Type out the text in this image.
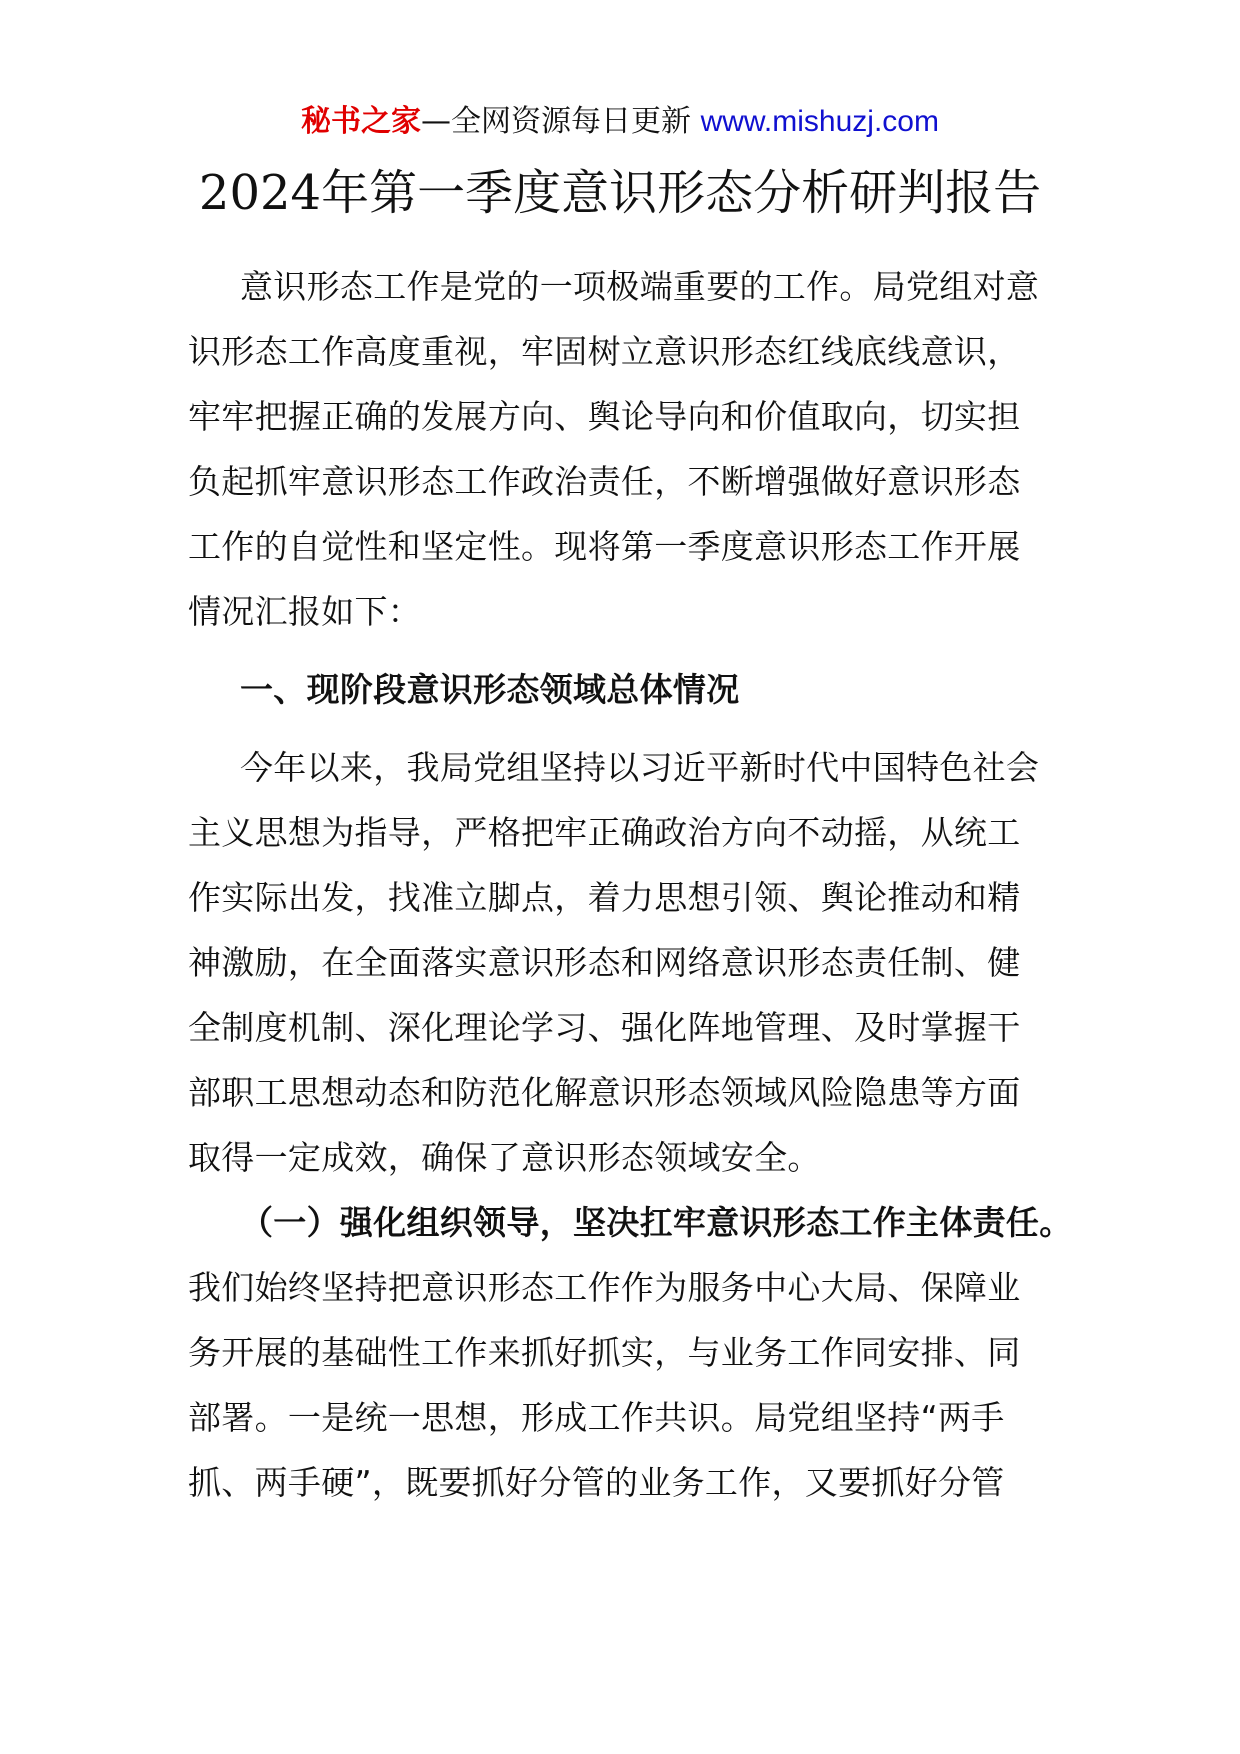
秘书之家—全网资源每日更新 www.mishuzj.com
2024年第一季度意识形态分析研判报告
意识形态工作是党的一项极端重要的工作。局党组对意
识形态工作高度重视，牢固树立意识形态红线底线意识，
牢牢把握正确的发展方向、舆论导向和价值取向，切实担
负起抓牢意识形态工作政治责任，不断增强做好意识形态
工作的自觉性和坚定性。现将第一季度意识形态工作开展
情况汇报如下：
一、现阶段意识形态领域总体情况
今年以来，我局党组坚持以习近平新时代中国特色社会
主义思想为指导，严格把牢正确政治方向不动摇，从统工
作实际出发，找准立脚点，着力思想引领、舆论推动和精
神激励，在全面落实意识形态和网络意识形态责任制、健
全制度机制、深化理论学习、强化阵地管理、及时掌握干
部职工思想动态和防范化解意识形态领域风险隐患等方面
取得一定成效，确保了意识形态领域安全。
（一）强化组织领导，坚决扛牢意识形态工作主体责任。
我们始终坚持把意识形态工作作为服务中心大局、保障业
务开展的基础性工作来抓好抓实，与业务工作同安排、同
部署。一是统一思想，形成工作共识。局党组坚持“两手
抓、两手硬”，既要抓好分管的业务工作，又要抓好分管
